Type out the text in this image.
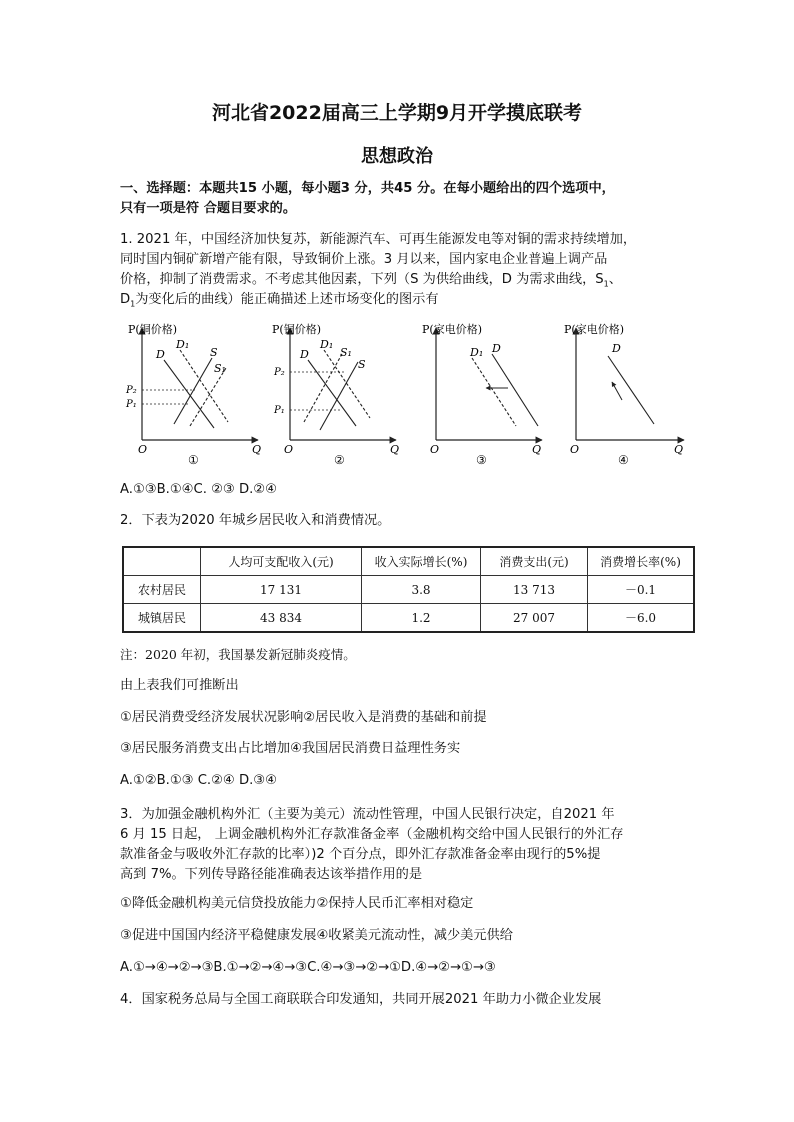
河北省2022届高三上学期9月开学摸底联考
思想政治
一、选择题：本题共15 小题，每小题3 分，共45 分。在每小题给出的四个选项中，
只有一项是符 合题目要求的。
1. 2021 年，中国经济加快复苏，新能源汽车、可再生能源发电等对铜的需求持续增加，
同时国内铜矿新增产能有限，导致铜价上涨。3 月以来，国内家电企业普遍上调产品
价格，抑制了消费需求。不考虑其他因素，下列（S 为供给曲线，D 为需求曲线，$S_1$、
$D_1$为变化后的曲线）能正确描述上述市场变化的图示有
P(铜价格)
O	Q
D
D₁
S
S₁
P₂
P₁
①
P(铜价格)
O	Q
D
D₁
S₁
S
P₂
P₁
②
P(家电价格)
O	Q
D₁ D
③
P(家电价格)
O	Q
D
④
A.①③B.①④C. ②③ D.②④
2．下表为2020 年城乡居民收入和消费情况。
	人均可支配收入(元)	收入实际增长(%)	消费支出(元)	消费增长率(%)
农村居民	17 131	3.8	13 713	－0.1
城镇居民	43 834	1.2	27 007	－6.0
注：2020 年初，我国暴发新冠肺炎疫情。
由上表我们可推断出
①居民消费受经济发展状况影响②居民收入是消费的基础和前提
③居民服务消费支出占比增加④我国居民消费日益理性务实
A.①②B.①③ C.②④ D.③④
3．为加强金融机构外汇（主要为美元）流动性管理，中国人民银行决定，自2021 年
6 月 15 日起， 上调金融机构外汇存款准备金率（金融机构交给中国人民银行的外汇存
款准备金与吸收外汇存款的比率）)2 个百分点，即外汇存款准备金率由现行的5%提
高到 7%。下列传导路径能准确表达该举措作用的是
①降低金融机构美元信贷投放能力②保持人民币汇率相对稳定
③促进中国国内经济平稳健康发展④收紧美元流动性，减少美元供给
A.①→④→②→③B.①→②→④→③C.④→③→②→①D.④→②→①→③
4．国家税务总局与全国工商联联合印发通知，共同开展2021 年助力小微企业发展
